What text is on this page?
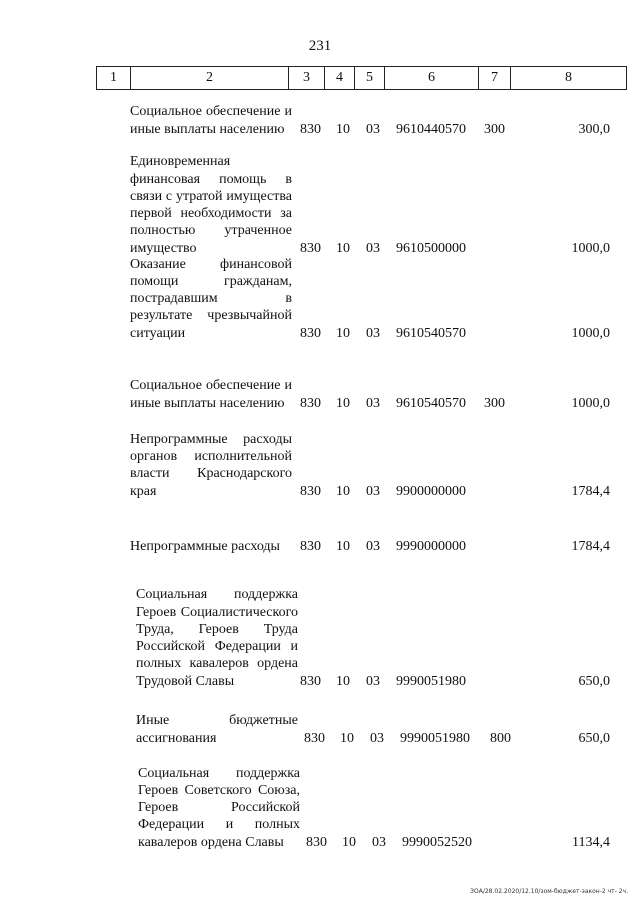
231
1	2	3	4	5	6	7	8
Социальное обеспечение и иные выплаты населению	830 10 03 9610440570 300	300,0
Единовременная финансовая помощь в связи с утратой имущества первой необходимости за полностью утраченное имущество	830 10 03 9610500000	1000,0
Оказание финансовой помощи гражданам, пострадавшим в результате чрезвычайной ситуации	830 10 03 9610540570	1000,0
Социальное обеспечение и иные выплаты населению	830 10 03 9610540570 300	1000,0
Непрограммные расходы органов исполнительной власти Краснодарского края	830 10 03 9900000000	1784,4
Непрограммные расходы	830 10 03 9990000000	1784,4
Социальная поддержка Героев Социалистического Труда, Героев Труда Российской Федерации и полных кавалеров ордена Трудовой Славы	830 10 03 9990051980	650,0
Иные бюджетные ассигнования	830 10 03 9990051980 800	650,0
Социальная поддержка Героев Советского Союза, Героев Российской Федерации и полных кавалеров ордена Славы	830 10 03 9990052520	1134,4
ЗОА/28.02.2020/12.10/зом-бюджет-закон-2 чт- 2ч.
